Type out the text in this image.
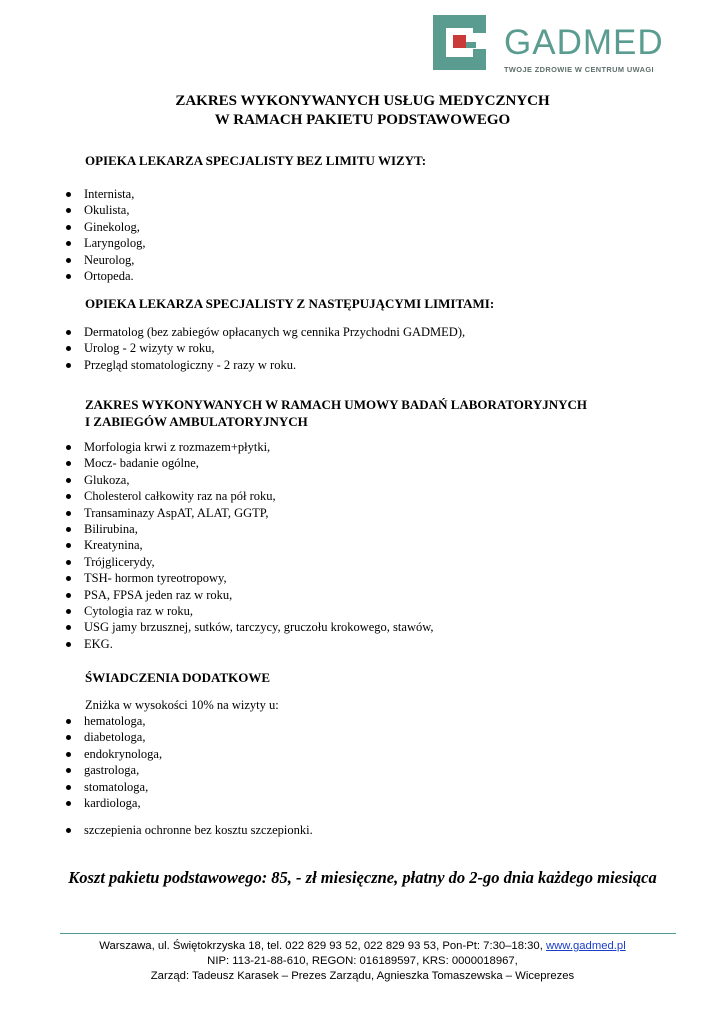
GADMED
TWOJE ZDROWIE W CENTRUM UWAGI
ZAKRES WYKONYWANYCH USŁUG MEDYCZNYCH
W RAMACH PAKIETU PODSTAWOWEGO
OPIEKA LEKARZA SPECJALISTY BEZ LIMITU WIZYT:
Internista,
Okulista,
Ginekolog,
Laryngolog,
Neurolog,
Ortopeda.
OPIEKA LEKARZA SPECJALISTY Z NASTĘPUJĄCYMI LIMITAMI:
Dermatolog (bez zabiegów opłacanych wg cennika Przychodni GADMED),
Urolog - 2 wizyty w roku,
Przegląd stomatologiczny - 2 razy w roku.
ZAKRES WYKONYWANYCH W RAMACH UMOWY BADAŃ LABORATORYJNYCH
I ZABIEGÓW AMBULATORYJNYCH
Morfologia krwi z rozmazem+płytki,
Mocz- badanie ogólne,
Glukoza,
Cholesterol całkowity raz na pół roku,
Transaminazy AspAT, ALAT, GGTP,
Bilirubina,
Kreatynina,
Trójglicerydy,
TSH- hormon tyreotropowy,
PSA, FPSA jeden raz w roku,
Cytologia raz w roku,
USG jamy brzusznej, sutków, tarczycy, gruczołu krokowego, stawów,
EKG.
ŚWIADCZENIA DODATKOWE
Zniżka w wysokości 10% na wizyty u:
hematologa,
diabetologa,
endokrynologa,
gastrologa,
stomatologa,
kardiologa,
szczepienia ochronne bez kosztu szczepionki.
Koszt pakietu podstawowego: 85, - zł miesięczne, płatny do 2-go dnia każdego miesiąca
Warszawa, ul. Świętokrzyska 18, tel. 022 829 93 52, 022 829 93 53, Pon-Pt: 7:30–18:30, www.gadmed.pl
NIP: 113-21-88-610, REGON: 016189597, KRS: 0000018967,
Zarząd: Tadeusz Karasek – Prezes Zarządu, Agnieszka Tomaszewska – Wiceprezes
